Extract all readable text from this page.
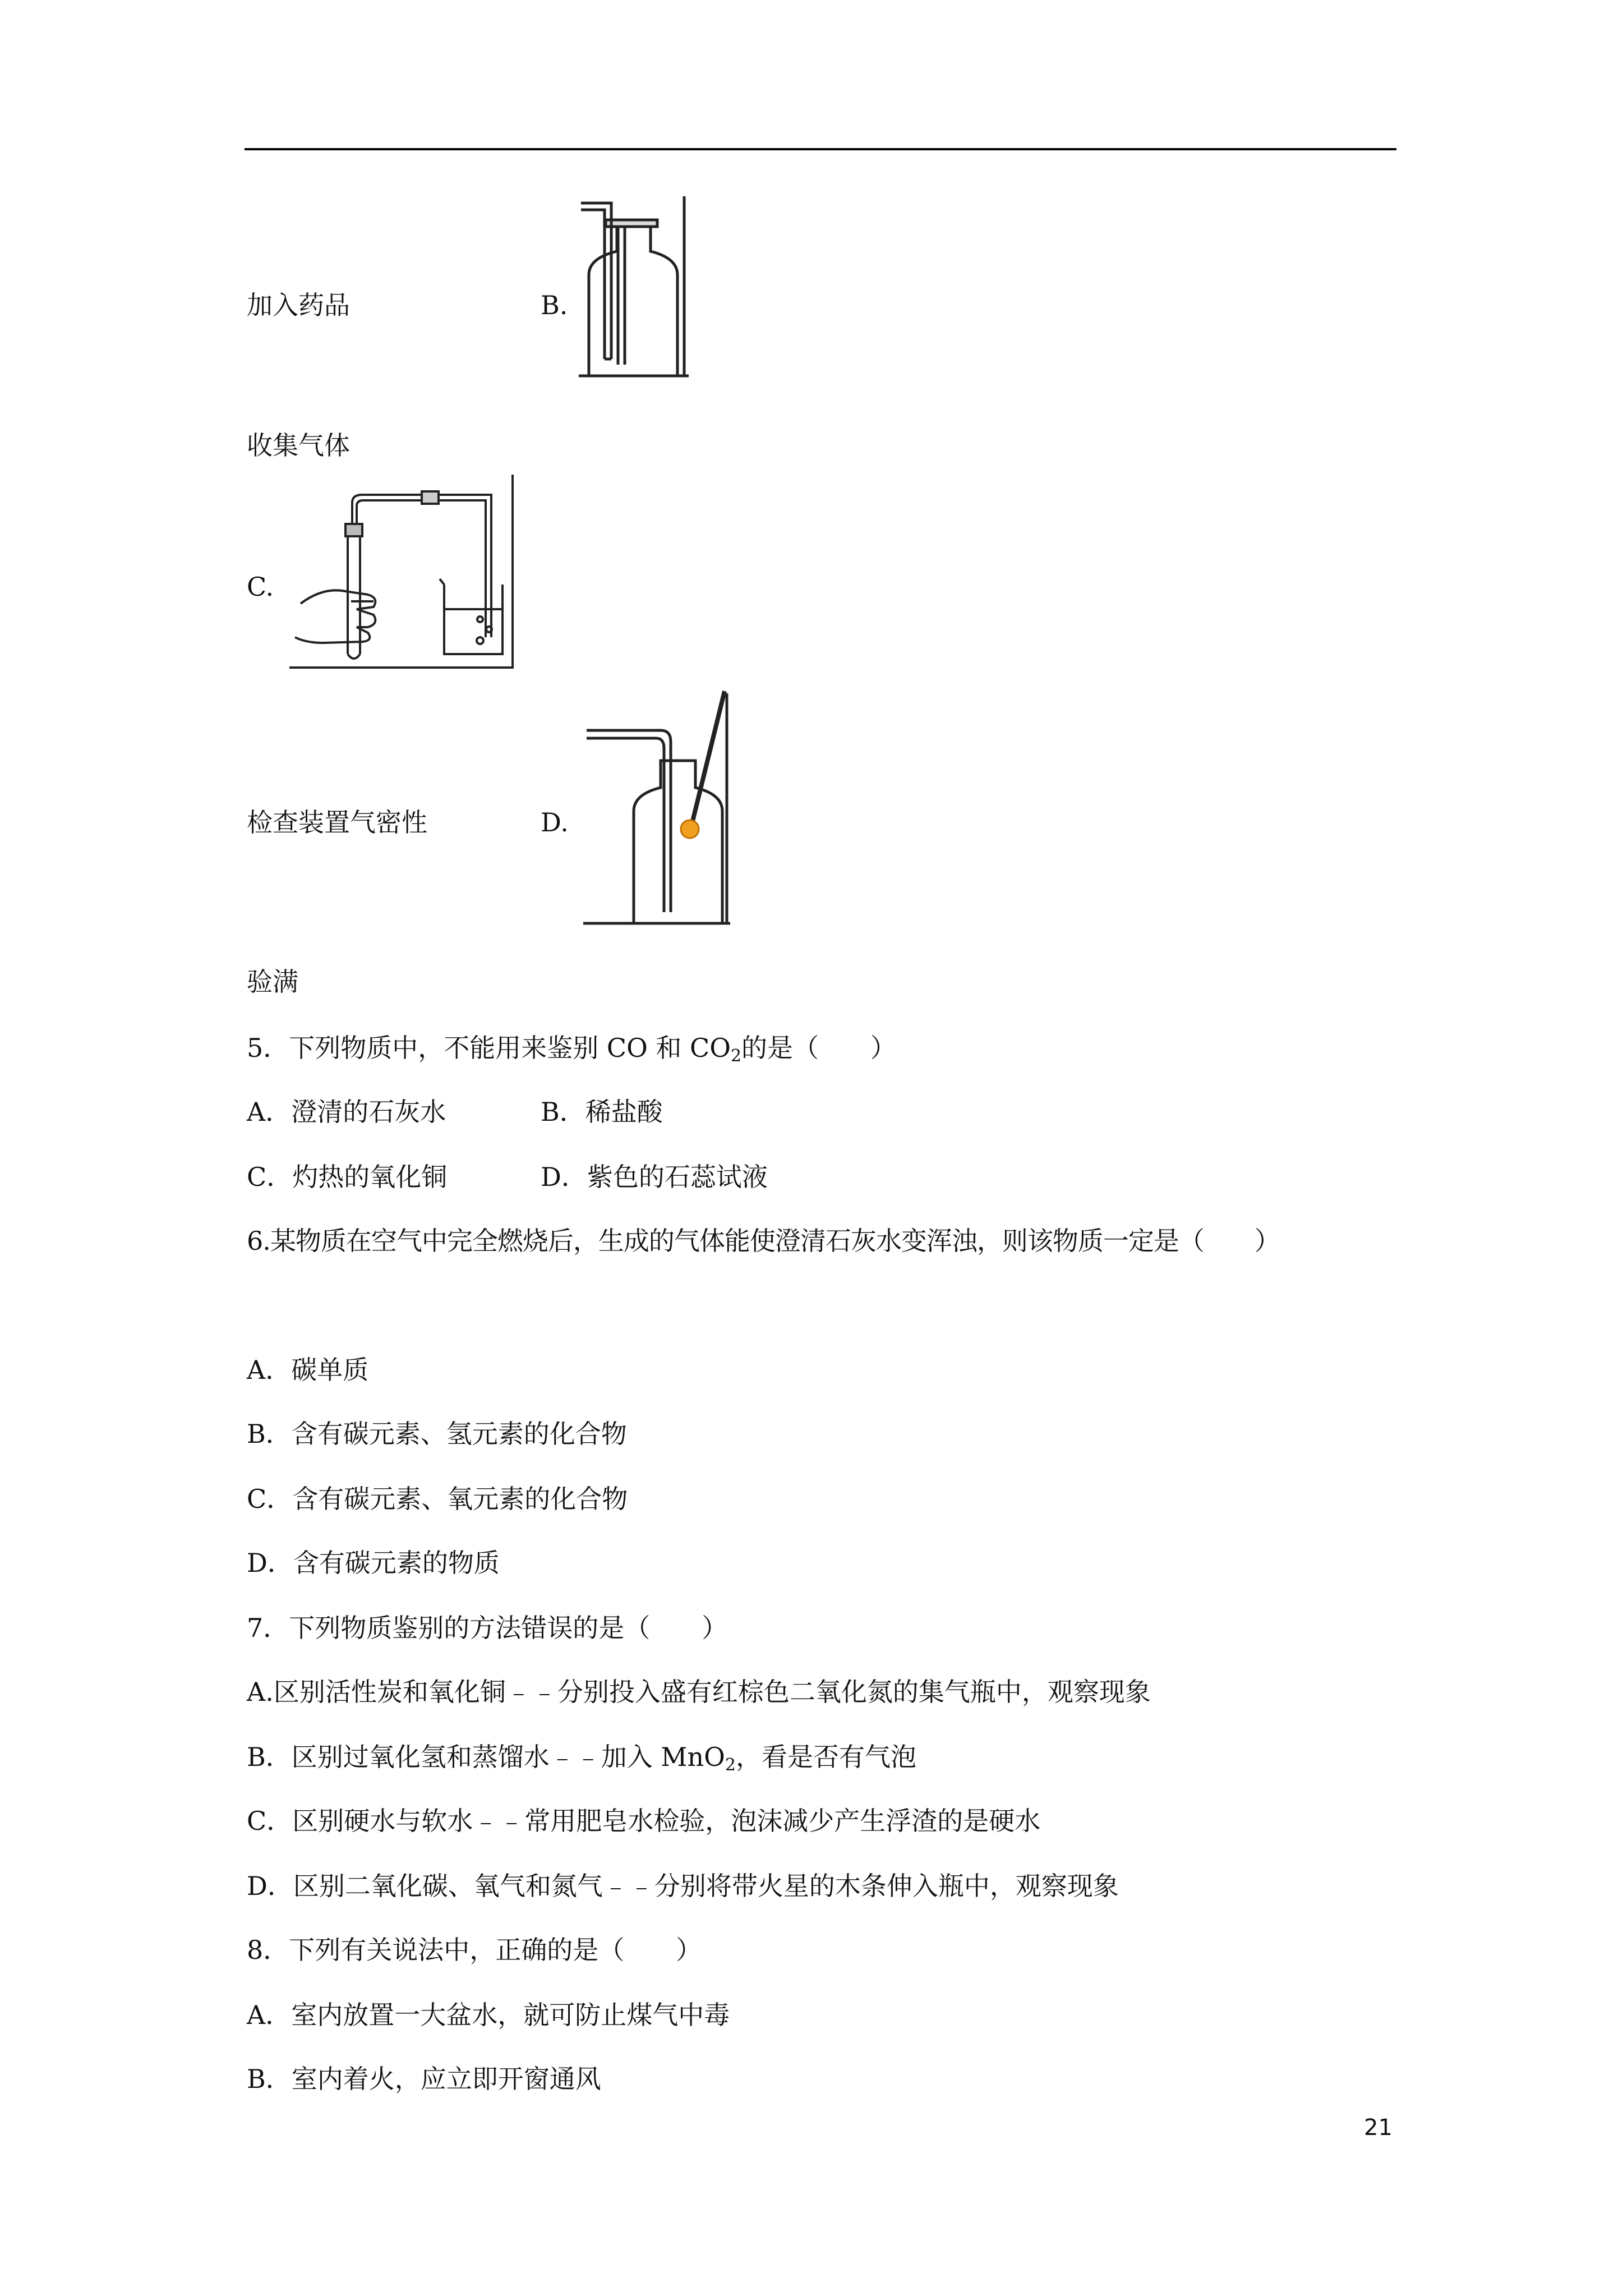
加入药品	B.
收集气体
C.
检查装置气密性	D.
验满
5．下列物质中，不能用来鉴别 CO 和 $CO_2$的是（　　）
A．澄清的石灰水	B．稀盐酸
C．灼热的氧化铜	D．紫色的石蕊试液
6.某物质在空气中完全燃烧后，生成的气体能使澄清石灰水变浑浊，则该物质一定是（　　）
A．碳单质
B．含有碳元素、氢元素的化合物
C．含有碳元素、氧元素的化合物
D．含有碳元素的物质
7．下列物质鉴别的方法错误的是（　　）
A.区别活性炭和氧化铜﹣﹣分别投入盛有红棕色二氧化氮的集气瓶中，观察现象
B．区别过氧化氢和蒸馏水﹣﹣加入 MnO$_2$，看是否有气泡
C．区别硬水与软水﹣﹣常用肥皂水检验，泡沫减少产生浮渣的是硬水
D．区别二氧化碳、氧气和氮气﹣﹣分别将带火星的木条伸入瓶中，观察现象
8．下列有关说法中，正确的是（　　）
A．室内放置一大盆水，就可防止煤气中毒
B．室内着火，应立即开窗通风
21
